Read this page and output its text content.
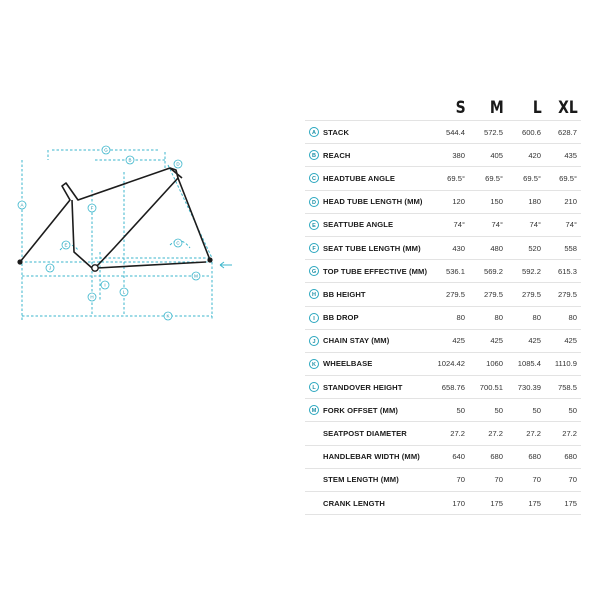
A
B
C
D
E
F
G
H
I
J
K
L
M
		S	M	L	XL
A	STACK	544.4	572.5	600.6	628.7
B	REACH	380	405	420	435
C	HEADTUBE ANGLE	69.5°	69.5°	69.5°	69.5°
D	HEAD TUBE LENGTH (MM)	120	150	180	210
E	SEATTUBE ANGLE	74°	74°	74°	74°
F	SEAT TUBE LENGTH (MM)	430	480	520	558
G	TOP TUBE EFFECTIVE (MM)	536.1	569.2	592.2	615.3
H	BB HEIGHT	279.5	279.5	279.5	279.5
I	BB DROP	80	80	80	80
J	CHAIN STAY (MM)	425	425	425	425
K	WHEELBASE	1024.42	1060	1085.4	1110.9
L	STANDOVER HEIGHT	658.76	700.51	730.39	758.5
M	FORK OFFSET (MM)	50	50	50	50
	SEATPOST DIAMETER	27.2	27.2	27.2	27.2
	HANDLEBAR WIDTH (MM)	640	680	680	680
	STEM LENGTH (MM)	70	70	70	70
	CRANK LENGTH	170	175	175	175
